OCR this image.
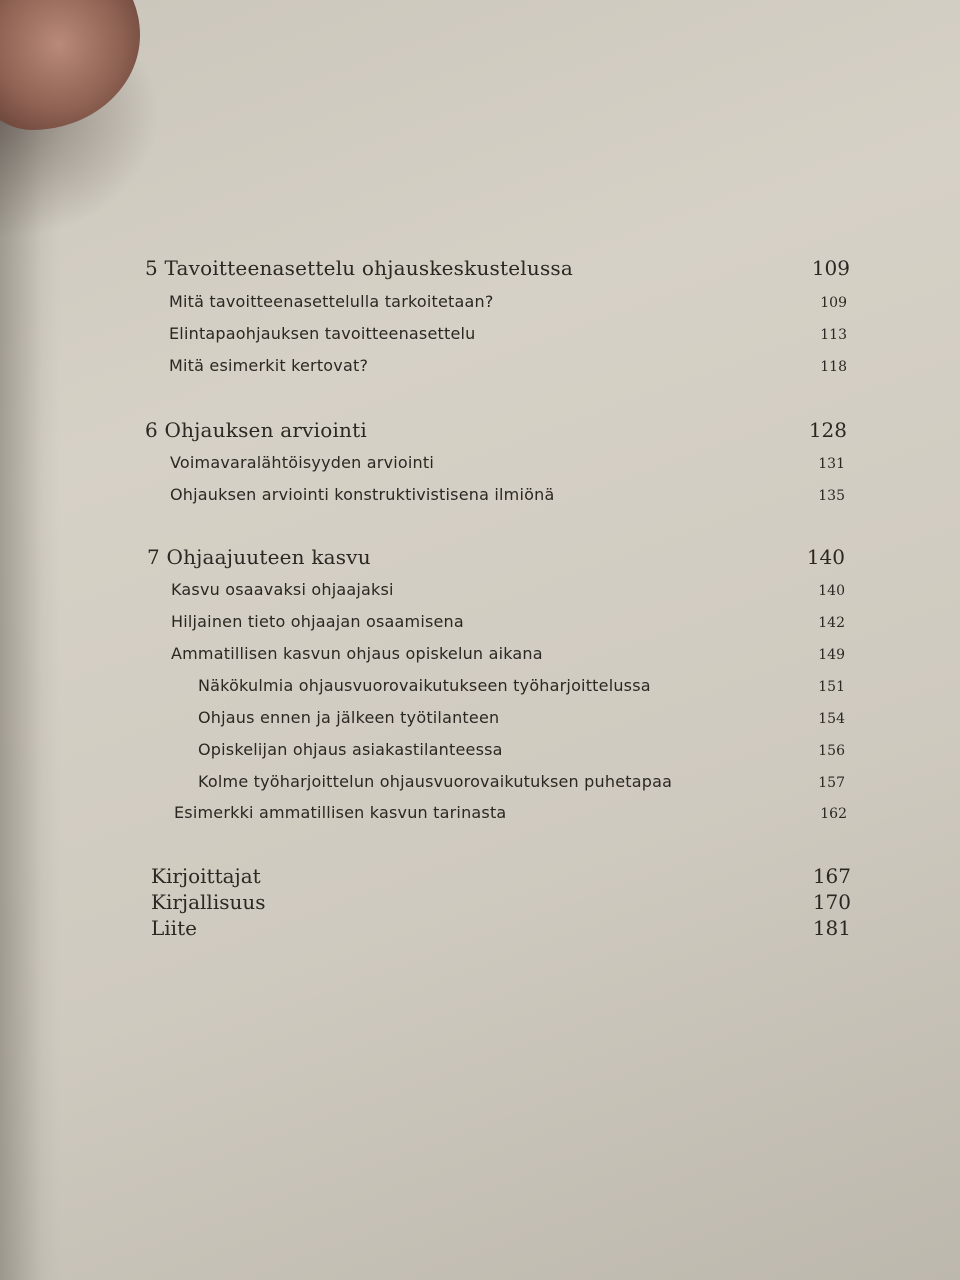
5 Tavoitteenasettelu ohjauskeskustelussa	109
Mitä tavoitteenasettelulla tarkoitetaan?	109
Elintapaohjauksen tavoitteenasettelu	113
Mitä esimerkit kertovat?	118
6 Ohjauksen arviointi	128
Voimavaralähtöisyyden arviointi	131
Ohjauksen arviointi konstruktivistisena ilmiönä	135
7 Ohjaajuuteen kasvu	140
Kasvu osaavaksi ohjaajaksi	140
Hiljainen tieto ohjaajan osaamisena	142
Ammatillisen kasvun ohjaus opiskelun aikana	149
Näkökulmia ohjausvuorovaikutukseen työharjoittelussa	151
Ohjaus ennen ja jälkeen työtilanteen	154
Opiskelijan ohjaus asiakastilanteessa	156
Kolme työharjoittelun ohjausvuorovaikutuksen puhetapaa	157
Esimerkki ammatillisen kasvun tarinasta	162
Kirjoittajat	167
Kirjallisuus	170
Liite	181
